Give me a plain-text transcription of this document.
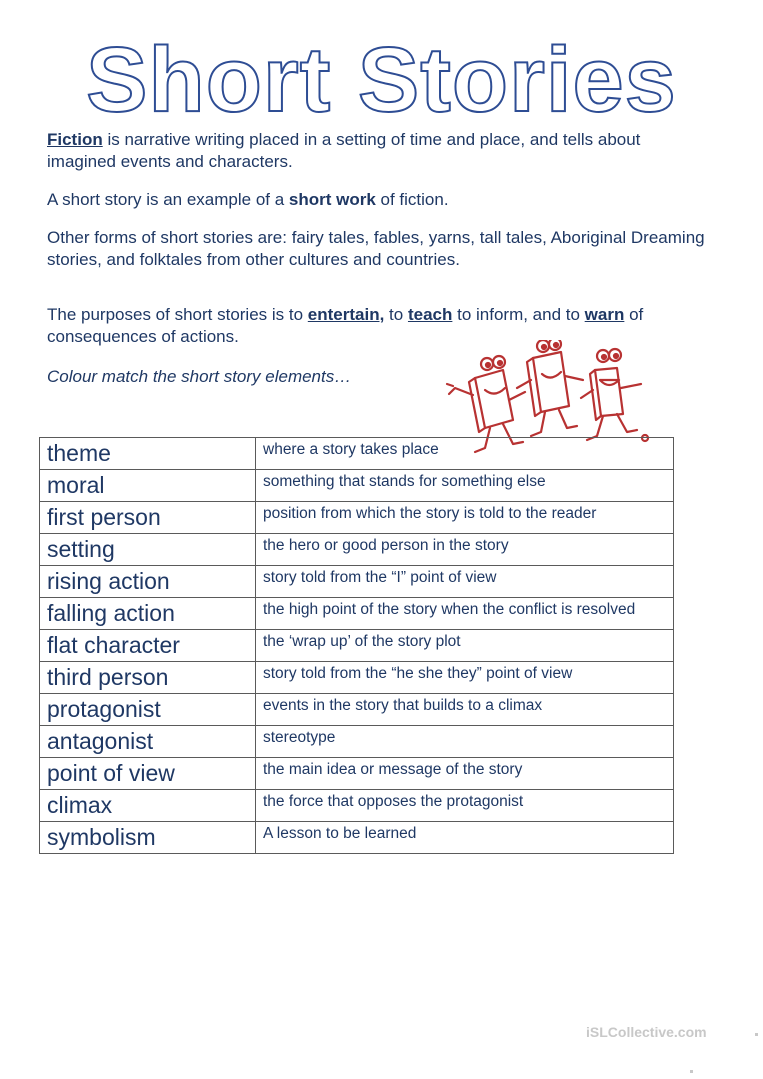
Short Stories
Fiction is narrative writing placed in a setting of time and place, and tells about imagined events and characters.
A short story is an example of a short work of fiction.
Other forms of short stories are: fairy tales, fables, yarns, tall tales, Aboriginal Dreaming stories, and folktales from other cultures and countries.
The purposes of short stories is to entertain, to teach to inform, and to warn of consequences of actions.
Colour match the short story elements…
theme	where a story takes place
moral	something that stands for something else
first person	position from which the story is told to the reader
setting	the hero or good person in the story
rising action	story told from the “I” point of view
falling action	the high point of the story when the conflict is resolved
flat character	the ‘wrap up’ of the story plot
third person	story told from the “he she they” point of view
protagonist	events in the story that builds to a climax
antagonist	stereotype
point of view	the main idea or message of the story
climax	the force that opposes the protagonist
symbolism	A lesson to be learned
iSLCollective.com
